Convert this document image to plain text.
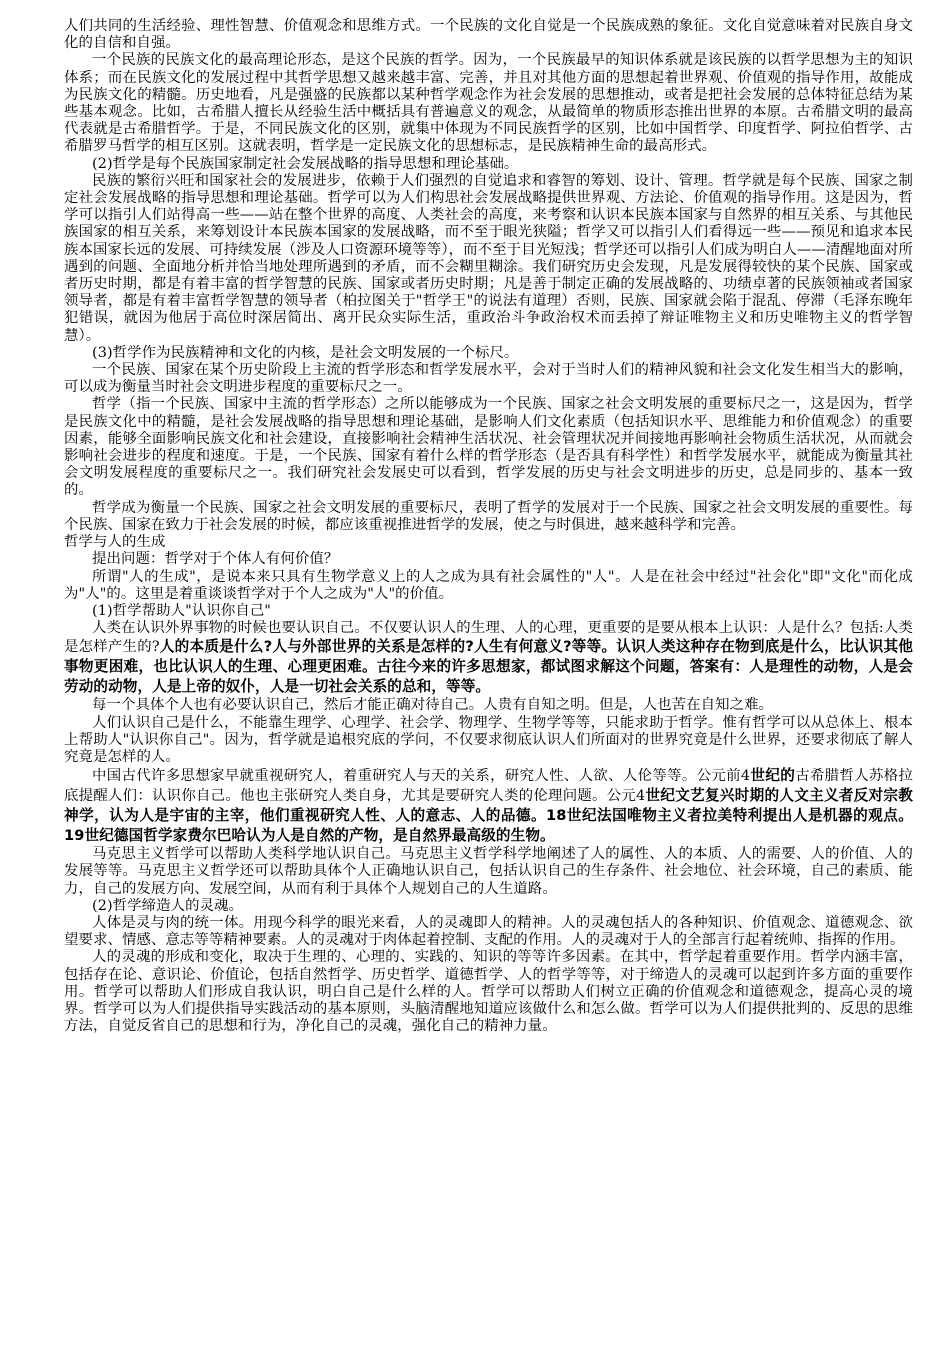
人们共同的生活经验、理性智慧、价值观念和思维方式。一个民族的文化自觉是一个民族成熟的象征。文化自觉意味着对民族自身文化的自信和自强。

一个民族的民族文化的最高理论形态，是这个民族的哲学。因为，一个民族最早的知识体系就是该民族的以哲学思想为主的知识体系；而在民族文化的发展过程中其哲学思想又越来越丰富、完善，并且对其他方面的思想起着世界观、价值观的指导作用，故能成为民族文化的精髓。历史地看，凡是强盛的民族都以某种哲学观念作为社会发展的思想推动，或者是把社会发展的总体特征总结为某些基本观念。比如，古希腊人擅长从经验生活中概括具有普遍意义的观念，从最简单的物质形态推出世界的本原。古希腊文明的最高代表就是古希腊哲学。于是，不同民族文化的区别，就集中体现为不同民族哲学的区别，比如中国哲学、印度哲学、阿拉伯哲学、古希腊罗马哲学的相互区别。这就表明，哲学是一定民族文化的思想标志，是民族精神生命的最高形式。

(2)哲学是每个民族国家制定社会发展战略的指导思想和理论基础。

民族的繁衍兴旺和国家社会的发展进步，依赖于人们强烈的自觉追求和睿智的筹划、设计、管理。哲学就是每个民族、国家之制定社会发展战略的指导思想和理论基础。哲学可以为人们构思社会发展战略提供世界观、方法论、价值观的指导作用。这是因为，哲学可以指引人们站得高一些——站在整个世界的高度、人类社会的高度，来考察和认识本民族本国家与自然界的相互关系、与其他民族国家的相互关系，来筹划设计本民族本国家的发展战略，而不至于眼光狭隘；哲学又可以指引人们看得远一些——预见和追求本民族本国家长远的发展、可持续发展（涉及人口资源环境等等），而不至于目光短浅；哲学还可以指引人们成为明白人——清醒地面对所遇到的问题、全面地分析并恰当地处理所遇到的矛盾，而不会糊里糊涂。我们研究历史会发现，凡是发展得较快的某个民族、国家或者历史时期，都是有着丰富的哲学智慧的民族、国家或者历史时期；凡是善于制定正确的发展战略的、功绩卓著的民族领袖或者国家领导者，都是有着丰富哲学智慧的领导者（柏拉图关于"哲学王"的说法有道理）否则，民族、国家就会陷于混乱、停滞（毛泽东晚年犯错误，就因为他居于高位时深居简出、离开民众实际生活，重政治斗争政治权术而丢掉了辩证唯物主义和历史唯物主义的哲学智慧）。

(3)哲学作为民族精神和文化的内核，是社会文明发展的一个标尺。

一个民族、国家在某个历史阶段上主流的哲学形态和哲学发展水平，会对于当时人们的精神风貌和社会文化发生相当大的影响，可以成为衡量当时社会文明进步程度的重要标尺之一。

哲学（指一个民族、国家中主流的哲学形态）之所以能够成为一个民族、国家之社会文明发展的重要标尺之一，这是因为，哲学是民族文化中的精髓，是社会发展战略的指导思想和理论基础，是影响人们文化素质（包括知识水平、思维能力和价值观念）的重要因素，能够全面影响民族文化和社会建设，直接影响社会精神生活状况、社会管理状况并间接地再影响社会物质生活状况，从而就会影响社会进步的程度和速度。于是，一个民族、国家有着什么样的哲学形态（是否具有科学性）和哲学发展水平，就能成为衡量其社会文明发展程度的重要标尺之一。我们研究社会发展史可以看到，哲学发展的历史与社会文明进步的历史，总是同步的、基本一致的。

哲学成为衡量一个民族、国家之社会文明发展的重要标尺，表明了哲学的发展对于一个民族、国家之社会文明发展的重要性。每个民族、国家在致力于社会发展的时候，都应该重视推进哲学的发展，使之与时俱进，越来越科学和完善。

哲学与人的生成

提出问题：哲学对于个体人有何价值？

所谓"人的生成"，是说本来只具有生物学意义上的人之成为具有社会属性的"人"。人是在社会中经过"社会化"即"文化"而化成为"人"的。这里是着重谈谈哲学对于个人之成为"人"的价值。

(1)哲学帮助人"认识你自己"

人类在认识外界事物的时候也要认识自己。不仅要认识人的生理、人的心理，更重要的是要从根本上认识：人是什么？包括:人类是怎样产生的?人的本质是什么?人与外部世界的关系是怎样的?人生有何意义?等等。认识人类这种存在物到底是什么，比认识其他事物更困难，也比认识人的生理、心理更困难。古往今来的许多思想家，都试图求解这个问题，答案有：人是理性的动物，人是会劳动的动物，人是上帝的奴仆，人是一切社会关系的总和，等等。

每一个具体个人也有必要认识自己，然后才能正确对待自己。人贵有自知之明。但是，人也苦在自知之难。

人们认识自己是什么，不能靠生理学、心理学、社会学、物理学、生物学等等，只能求助于哲学。惟有哲学可以从总体上、根本上帮助人"认识你自己"。因为，哲学就是追根究底的学问，不仅要求彻底认识人们所面对的世界究竟是什么世界，还要求彻底了解人究竟是怎样的人。

中国古代许多思想家早就重视研究人，着重研究人与天的关系，研究人性、人欲、人伦等等。公元前4世纪的古希腊哲人苏格拉底提醒人们：认识你自己。他也主张研究人类自身，尤其是要研究人类的伦理问题。公元4世纪文艺复兴时期的人文主义者反对宗教神学，认为人是宇宙的主宰，他们重视研究人性、人的意志、人的品德。18世纪法国唯物主义者拉美特利提出人是机器的观点。19世纪德国哲学家费尔巴哈认为人是自然的产物，是自然界最高级的生物。

马克思主义哲学可以帮助人类科学地认识自己。马克思主义哲学科学地阐述了人的属性、人的本质、人的需要、人的价值、人的发展等等。马克思主义哲学还可以帮助具体个人正确地认识自己，包括认识自己的生存条件、社会地位、社会环境，自己的素质、能力，自己的发展方向、发展空间，从而有利于具体个人规划自己的人生道路。

(2)哲学缔造人的灵魂。

人体是灵与肉的统一体。用现今科学的眼光来看，人的灵魂即人的精神。人的灵魂包括人的各种知识、价值观念、道德观念、欲望要求、情感、意志等等精神要素。人的灵魂对于肉体起着控制、支配的作用。人的灵魂对于人的全部言行起着统帅、指挥的作用。

人的灵魂的形成和变化，取决于生理的、心理的、实践的、知识的等等许多因素。在其中，哲学起着重要作用。哲学内涵丰富，包括存在论、意识论、价值论，包括自然哲学、历史哲学、道德哲学、人的哲学等等，对于缔造人的灵魂可以起到许多方面的重要作用。哲学可以帮助人们形成自我认识，明白自己是什么样的人。哲学可以帮助人们树立正确的价值观念和道德观念，提高心灵的境界。哲学可以为人们提供指导实践活动的基本原则，头脑清醒地知道应该做什么和怎么做。哲学可以为人们提供批判的、反思的思维方法，自觉反省自己的思想和行为，净化自己的灵魂，强化自己的精神力量。
